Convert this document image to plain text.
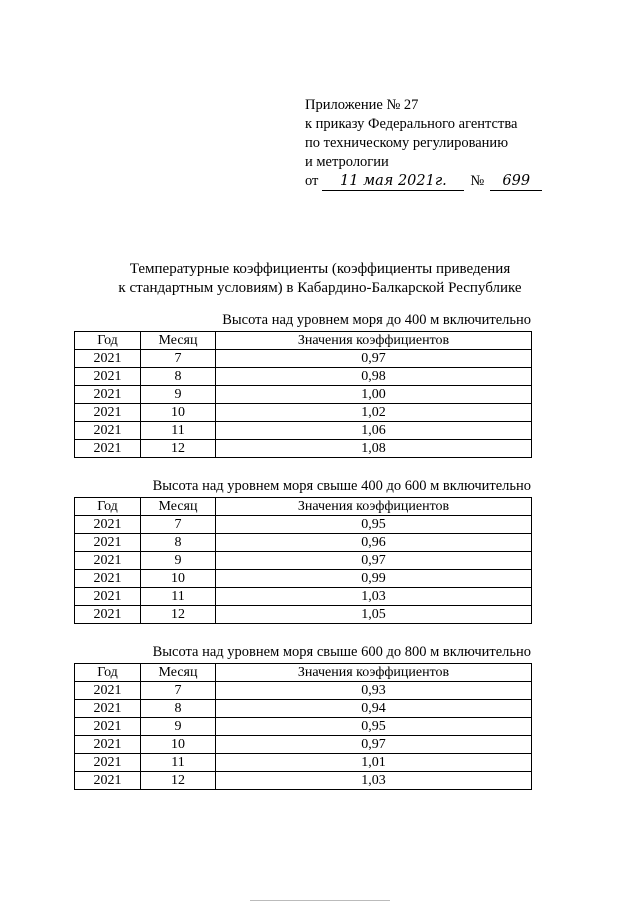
Приложение № 27
к приказу Федерального агентства
по техническому регулированию
и метрологии
от	11 мая 2021г.	№	699
Температурные коэффициенты (коэффициенты приведения
к стандартным условиям) в Кабардино-Балкарской Республике
Высота над уровнем моря до 400 м включительно
Год	Месяц	Значения коэффициентов
2021	7	0,97
2021	8	0,98
2021	9	1,00
2021	10	1,02
2021	11	1,06
2021	12	1,08
Высота над уровнем моря свыше 400 до 600 м включительно
Год	Месяц	Значения коэффициентов
2021	7	0,95
2021	8	0,96
2021	9	0,97
2021	10	0,99
2021	11	1,03
2021	12	1,05
Высота над уровнем моря свыше 600 до 800 м включительно
Год	Месяц	Значения коэффициентов
2021	7	0,93
2021	8	0,94
2021	9	0,95
2021	10	0,97
2021	11	1,01
2021	12	1,03
